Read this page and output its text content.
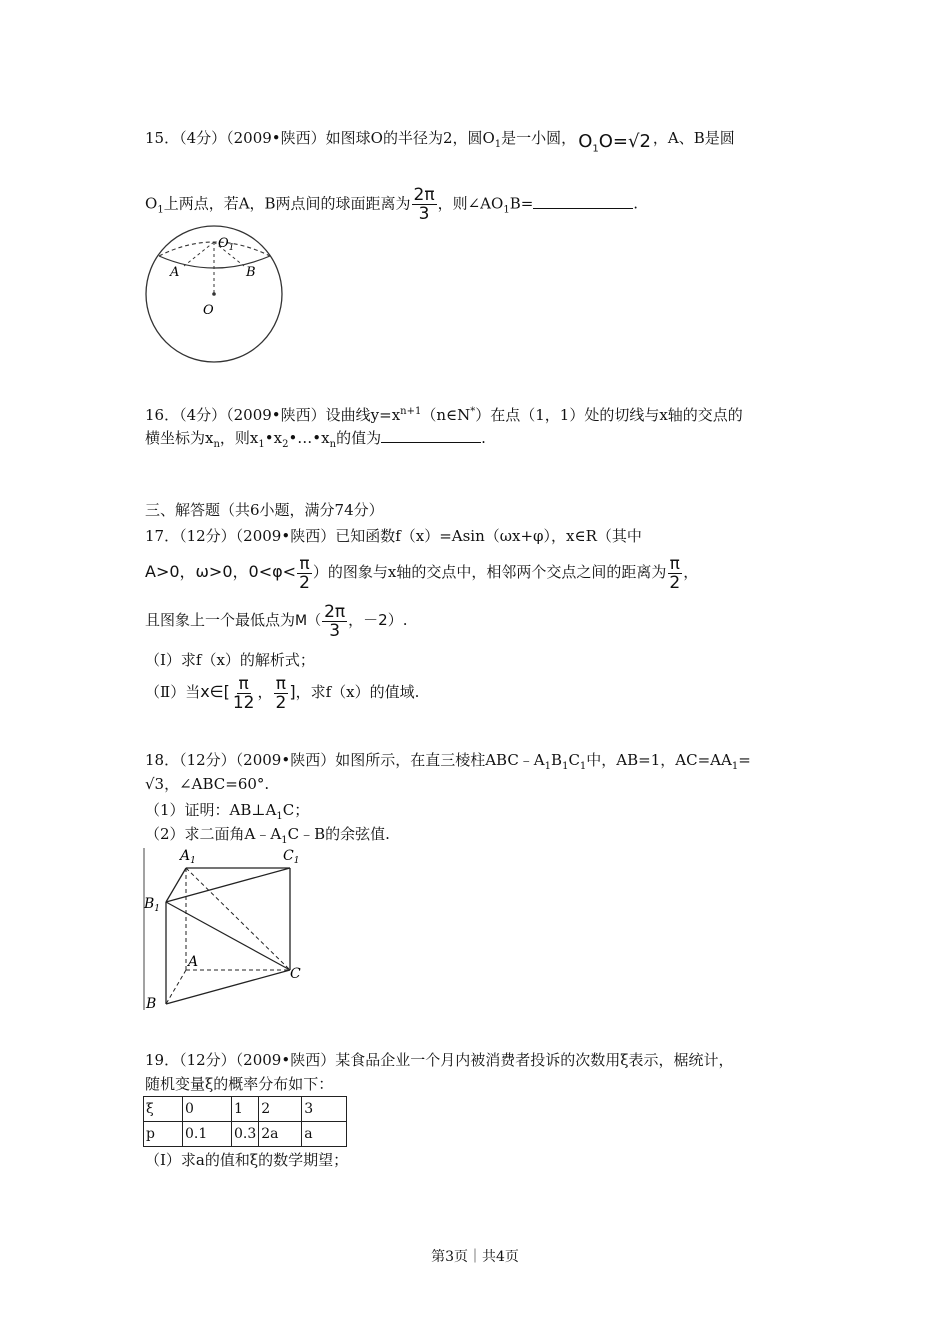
15．（4分）（2009•陕西）如图球O的半径为2，圆$O_1$是一小圆， $O_1O=√2$ ，A、B是圆
$O_1$上两点，若A，B两点间的球面距离为 $\frac{2\pi}{3}$ ，则$\angle AO_1B=$	.
$O_1$
A	B
O
16．（4分）（2009•陕西）设曲线$y=x^{n+1}(n\in N^*)$在点（1，1）处的切线与x轴的交点的
横坐标为$x_n$，则$x_1•x_2•\dots•x_n$的值为	.
三、解答题（共6小题，满分74分）
17．（12分）（2009•陕西）已知函数f（x）=Asin（ωx+φ），x∈R（其中
A>0，ω>0，$0<\varphi< \frac{\pi}{2}$ ）的图象与x轴的交点中，相邻两个交点之间的距离为 $\frac{\pi}{2}$ ，
且图象上一个最低点为$M( \frac{2\pi}{3}$ ，－2）.
（Ⅰ）求f（x）的解析式；
（Ⅱ）当x∈[ $\frac{\pi}{12}$ ， $\frac{\pi}{2}$ ]，求f（x）的值域.
18．（12分）（2009•陕西）如图所示，在直三棱柱$ABC﹣A_1B_1C_1$中，AB=1，$AC=AA_1=$
√3，∠ABC=60°.
（1）证明：$AB\perp A_1C$；
（2）求二面角$A﹣A_1C﹣B$的余弦值.
$A_1$	$C_1$
$B_1$
A
C
B
19．（12分）（2009•陕西）某食品企业一个月内被消费者投诉的次数用ξ表示，椐统计，
随机变量ξ的概率分布如下：
ξ	0	1	2	3
p	0.1	0.3	2a	a
（Ⅰ）求a的值和ξ的数学期望；
第3页｜共4页
